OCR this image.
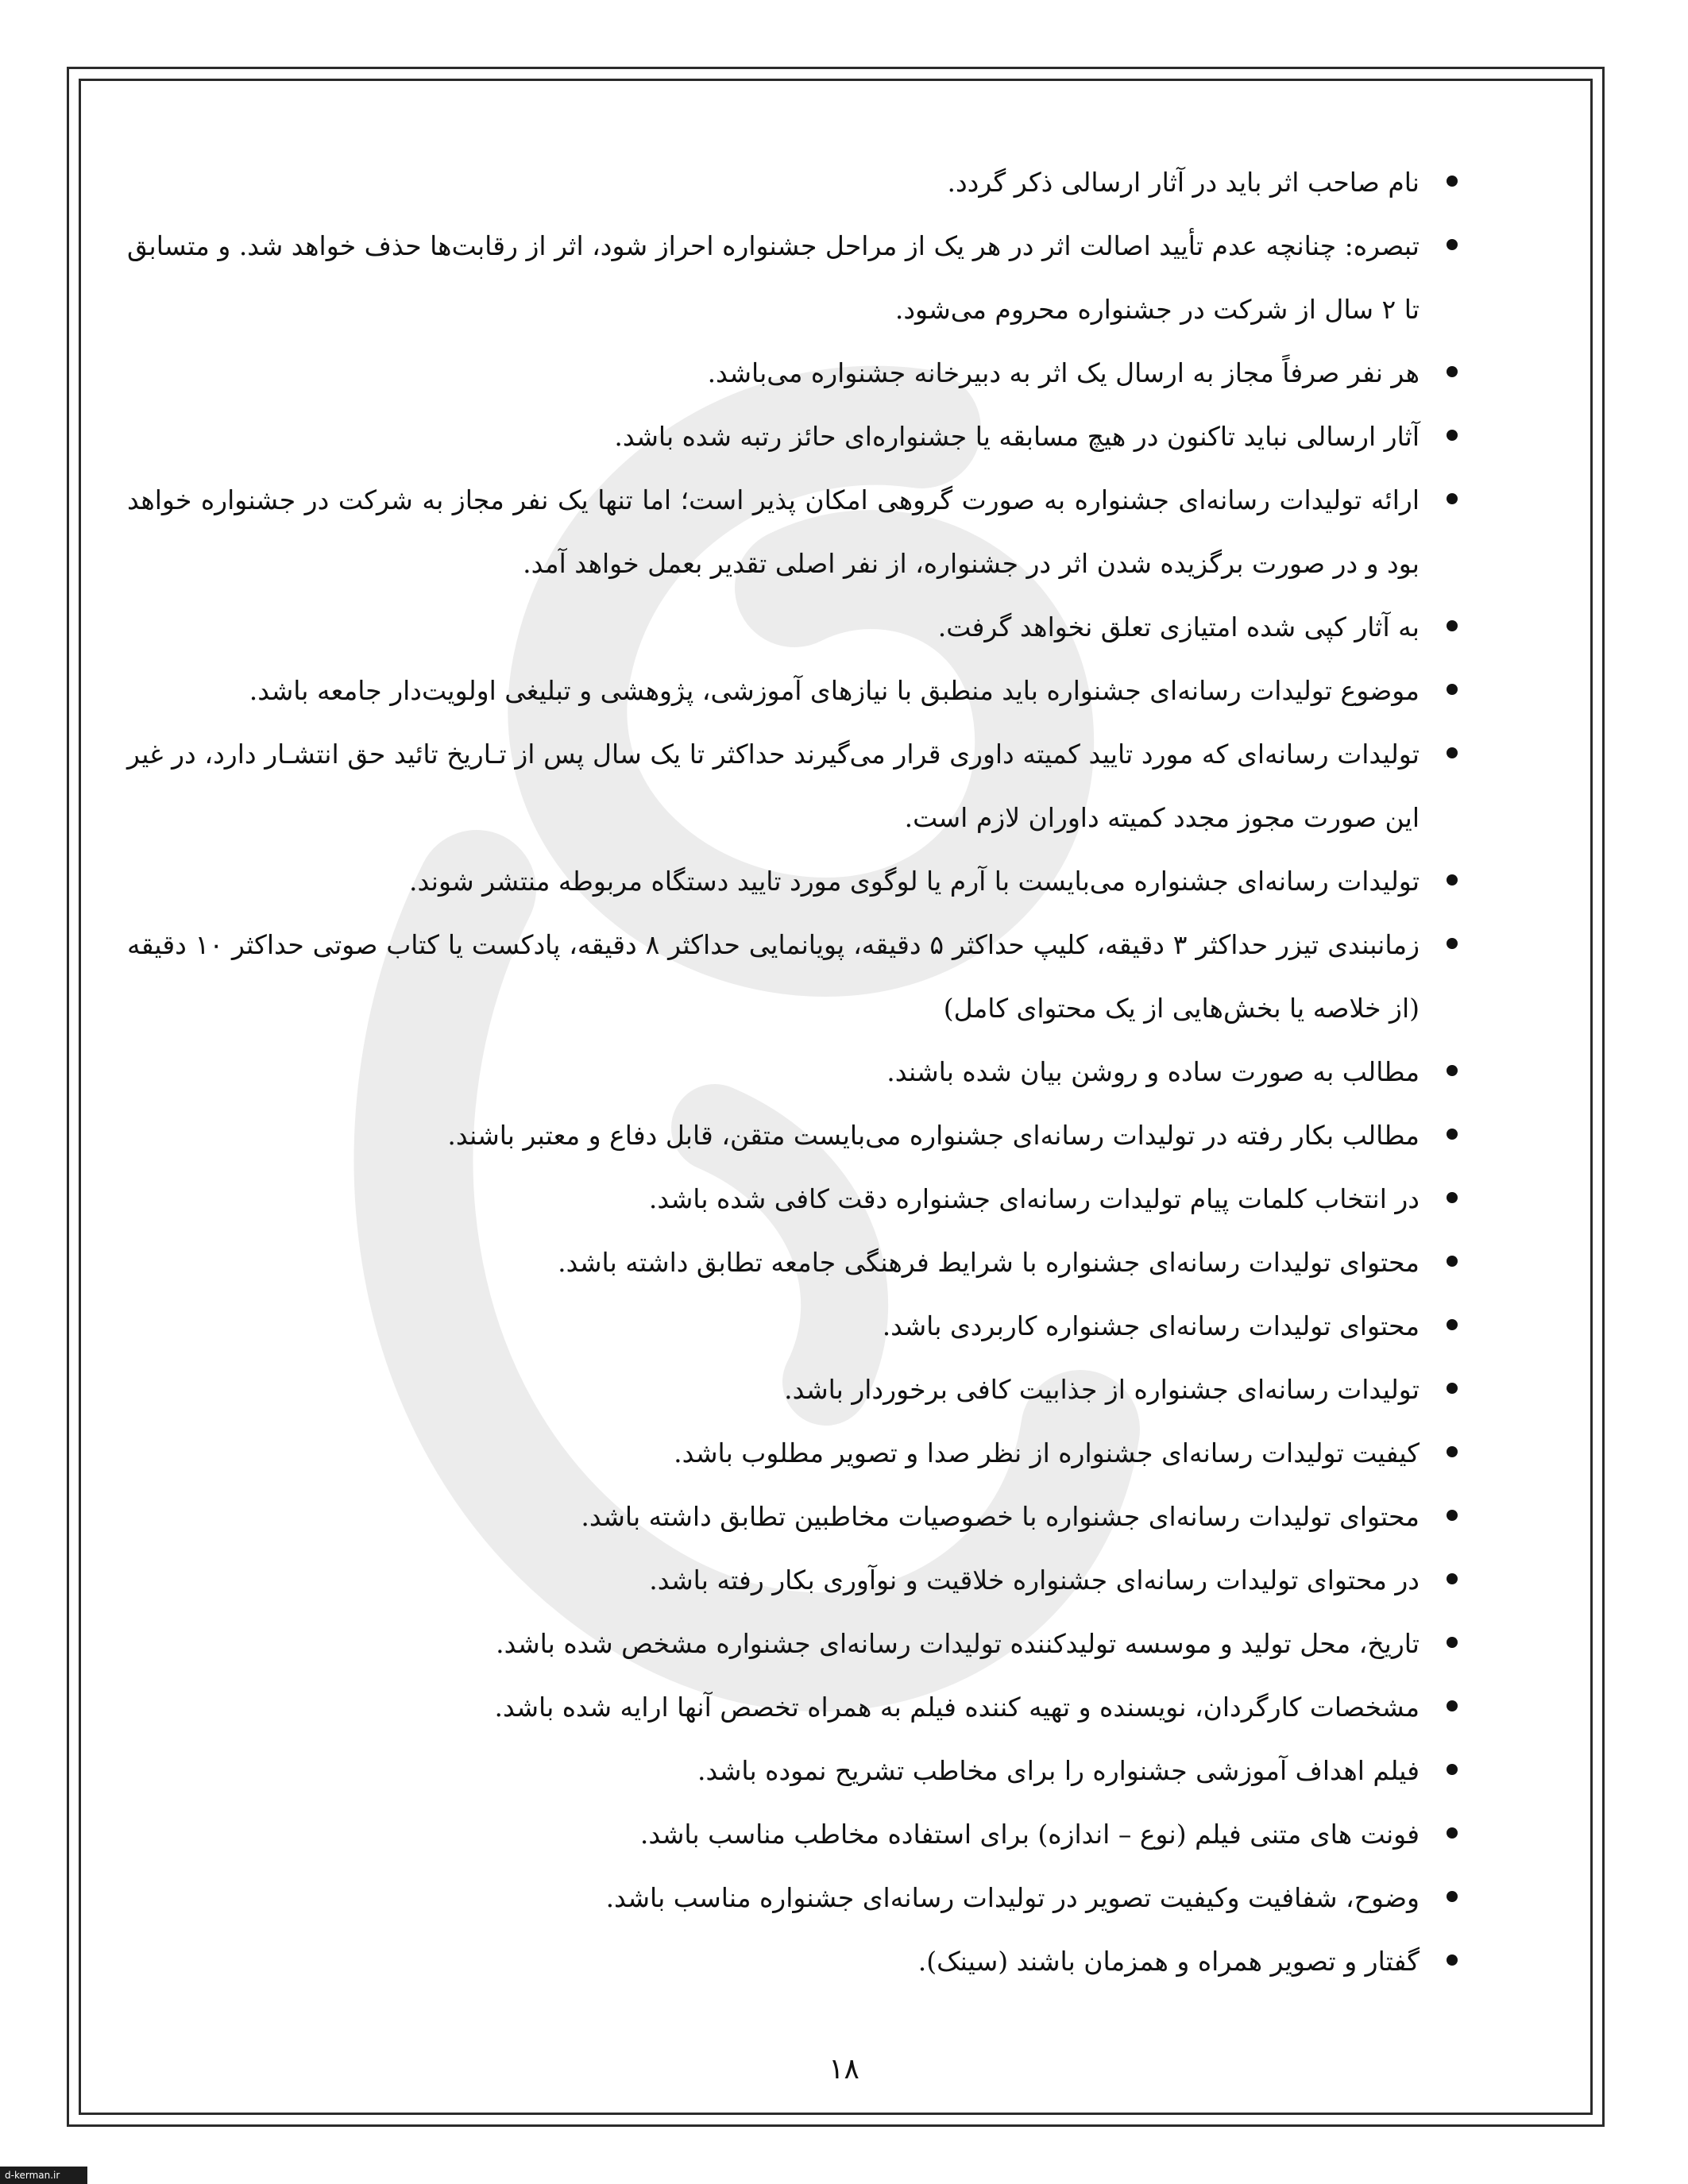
نام صاحب اثر باید در آثار ارسالی ذکر گردد.
تبصره: چنانچه عدم تأیید اصالت اثر در هر یک از مراحل جشنواره احراز شود، اثر از رقابت‌ها حذف خواهد شد. و متسابق تا ۲ سال از شرکت در جشنواره محروم می‌شود.
هر نفر صرفاً مجاز به ارسال یک اثر به دبیرخانه جشنواره می‌باشد.
آثار ارسالی نباید تاکنون در هیچ مسابقه یا جشنواره‌ای حائز رتبه شده باشد.
ارائه تولیدات رسانه‌ای جشنواره به صورت گروهی امکان پذیر است؛ اما تنها یک نفر مجاز به شرکت در جشنواره خواهد بود و در صورت برگزیده شدن اثر در جشنواره، از نفر اصلی تقدیر بعمل خواهد آمد.
به آثار کپی شده امتیازی تعلق نخواهد گرفت.
موضوع تولیدات رسانه‌ای جشنواره باید منطبق با نیازهای آموزشی، پژوهشی و تبلیغی اولویت‌دار جامعه باشد.
تولیدات رسانه‌ای که مورد تایید کمیته داوری قرار می‌گیرند حداکثر تا یک سال پس از تـاریخ تائید حق انتشـار دارد، در غیر این صورت مجوز مجدد کمیته داوران لازم است.
تولیدات رسانه‌ای جشنواره می‌بایست با آرم یا لوگوی مورد تایید دستگاه مربوطه منتشر شوند.
زمانبندی تیزر حداکثر ۳ دقیقه، کلیپ حداکثر ۵ دقیقه، پویانمایی حداکثر ۸ دقیقه، پادکست یا کتاب صوتی حداکثر ۱۰ دقیقه (از خلاصه یا بخش‌هایی از یک محتوای کامل)
مطالب به صورت ساده و روشن بیان شده باشند.
مطالب بکار رفته در تولیدات رسانه‌ای جشنواره می‌بایست متقن، قابل دفاع و معتبر باشند.
در انتخاب کلمات پیام تولیدات رسانه‌ای جشنواره دقت کافی شده باشد.
محتوای تولیدات رسانه‌ای جشنواره با شرایط فرهنگی جامعه تطابق داشته باشد.
محتوای تولیدات رسانه‌ای جشنواره کاربردی باشد.
تولیدات رسانه‌ای جشنواره از جذابیت کافی برخوردار باشد.
کیفیت تولیدات رسانه‌ای جشنواره از نظر صدا و تصویر مطلوب باشد.
محتوای تولیدات رسانه‌ای جشنواره با خصوصیات مخاطبین تطابق داشته باشد.
در محتوای تولیدات رسانه‌ای جشنواره خلاقیت و نوآوری بکار رفته باشد.
تاریخ، محل تولید و موسسه تولیدکننده تولیدات رسانه‌ای جشنواره مشخص شده باشد.
مشخصات کارگردان، نویسنده و تهیه کننده فیلم به همراه تخصص آنها ارایه شده باشد.
فیلم اهداف آموزشی جشنواره را برای مخاطب تشریح نموده باشد.
فونت های متنی فیلم (نوع – اندازه) برای استفاده مخاطب مناسب باشد.
وضوح، شفافیت وکیفیت تصویر در تولیدات رسانه‌ای جشنواره مناسب باشد.
گفتار و تصویر همراه و همزمان باشند (سینک).
۱۸
d-kerman.ir
